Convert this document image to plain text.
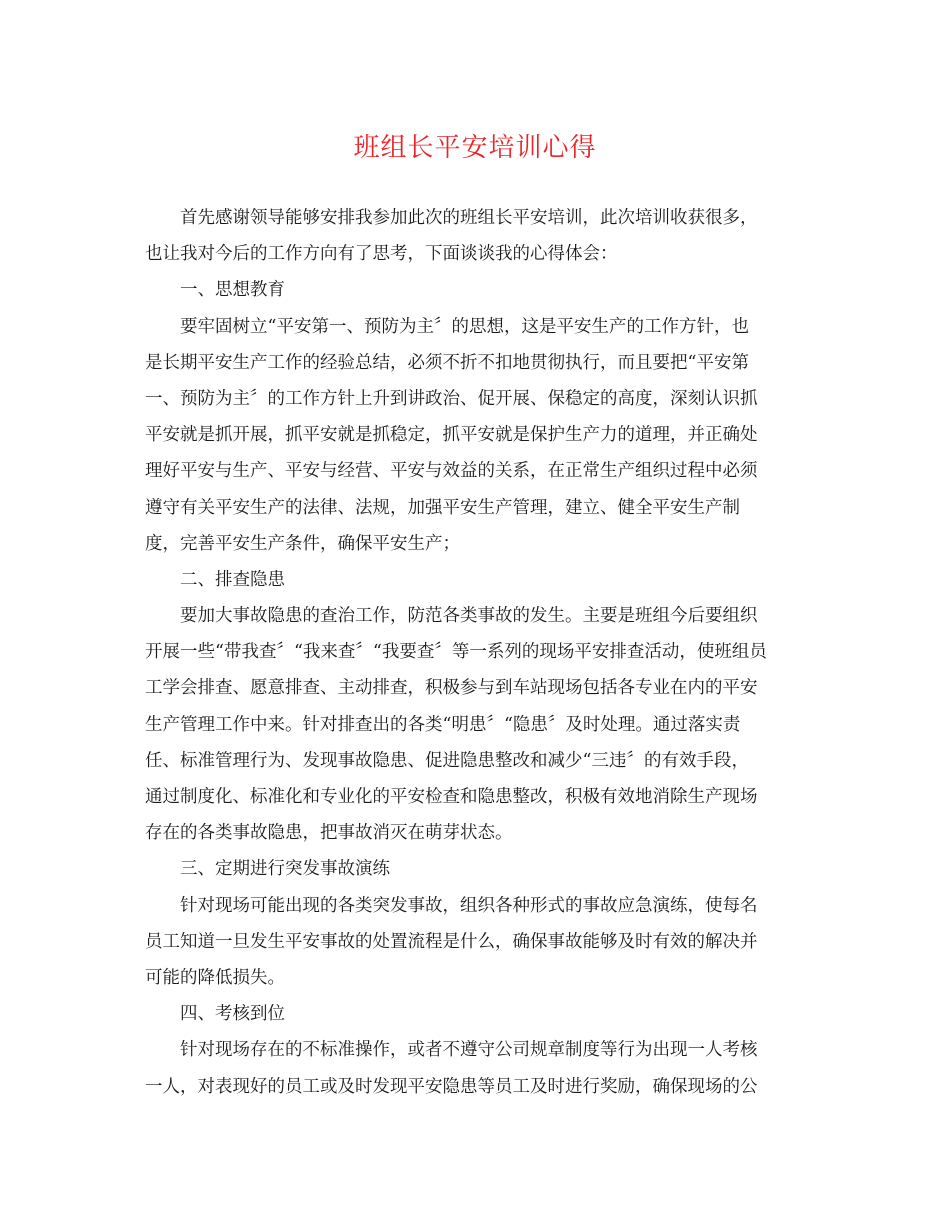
班组长平安培训心得
首先感谢领导能够安排我参加此次的班组长平安培训，此次培训收获很多，
也让我对今后的工作方向有了思考，下面谈谈我的心得体会：
一、思想教育
要牢固树立“平安第一、预防为主〞的思想，这是平安生产的工作方针，也
是长期平安生产工作的经验总结，必须不折不扣地贯彻执行，而且要把“平安第
一、预防为主〞的工作方针上升到讲政治、促开展、保稳定的高度，深刻认识抓
平安就是抓开展，抓平安就是抓稳定，抓平安就是保护生产力的道理，并正确处
理好平安与生产、平安与经营、平安与效益的关系，在正常生产组织过程中必须
遵守有关平安生产的法律、法规，加强平安生产管理，建立、健全平安生产制
度，完善平安生产条件，确保平安生产；
二、排查隐患
要加大事故隐患的查治工作，防范各类事故的发生。主要是班组今后要组织
开展一些“带我查〞“我来查〞“我要查〞等一系列的现场平安排查活动，使班组员
工学会排查、愿意排查、主动排查，积极参与到车站现场包括各专业在内的平安
生产管理工作中来。针对排查出的各类“明患〞“隐患〞及时处理。通过落实责
任、标准管理行为、发现事故隐患、促进隐患整改和减少“三违〞的有效手段，
通过制度化、标准化和专业化的平安检查和隐患整改，积极有效地消除生产现场
存在的各类事故隐患，把事故消灭在萌芽状态。
三、定期进行突发事故演练
针对现场可能出现的各类突发事故，组织各种形式的事故应急演练，使每名
员工知道一旦发生平安事故的处置流程是什么，确保事故能够及时有效的解决并
可能的降低损失。
四、考核到位
针对现场存在的不标准操作，或者不遵守公司规章制度等行为出现一人考核
一人，对表现好的员工或及时发现平安隐患等员工及时进行奖励，确保现场的公
